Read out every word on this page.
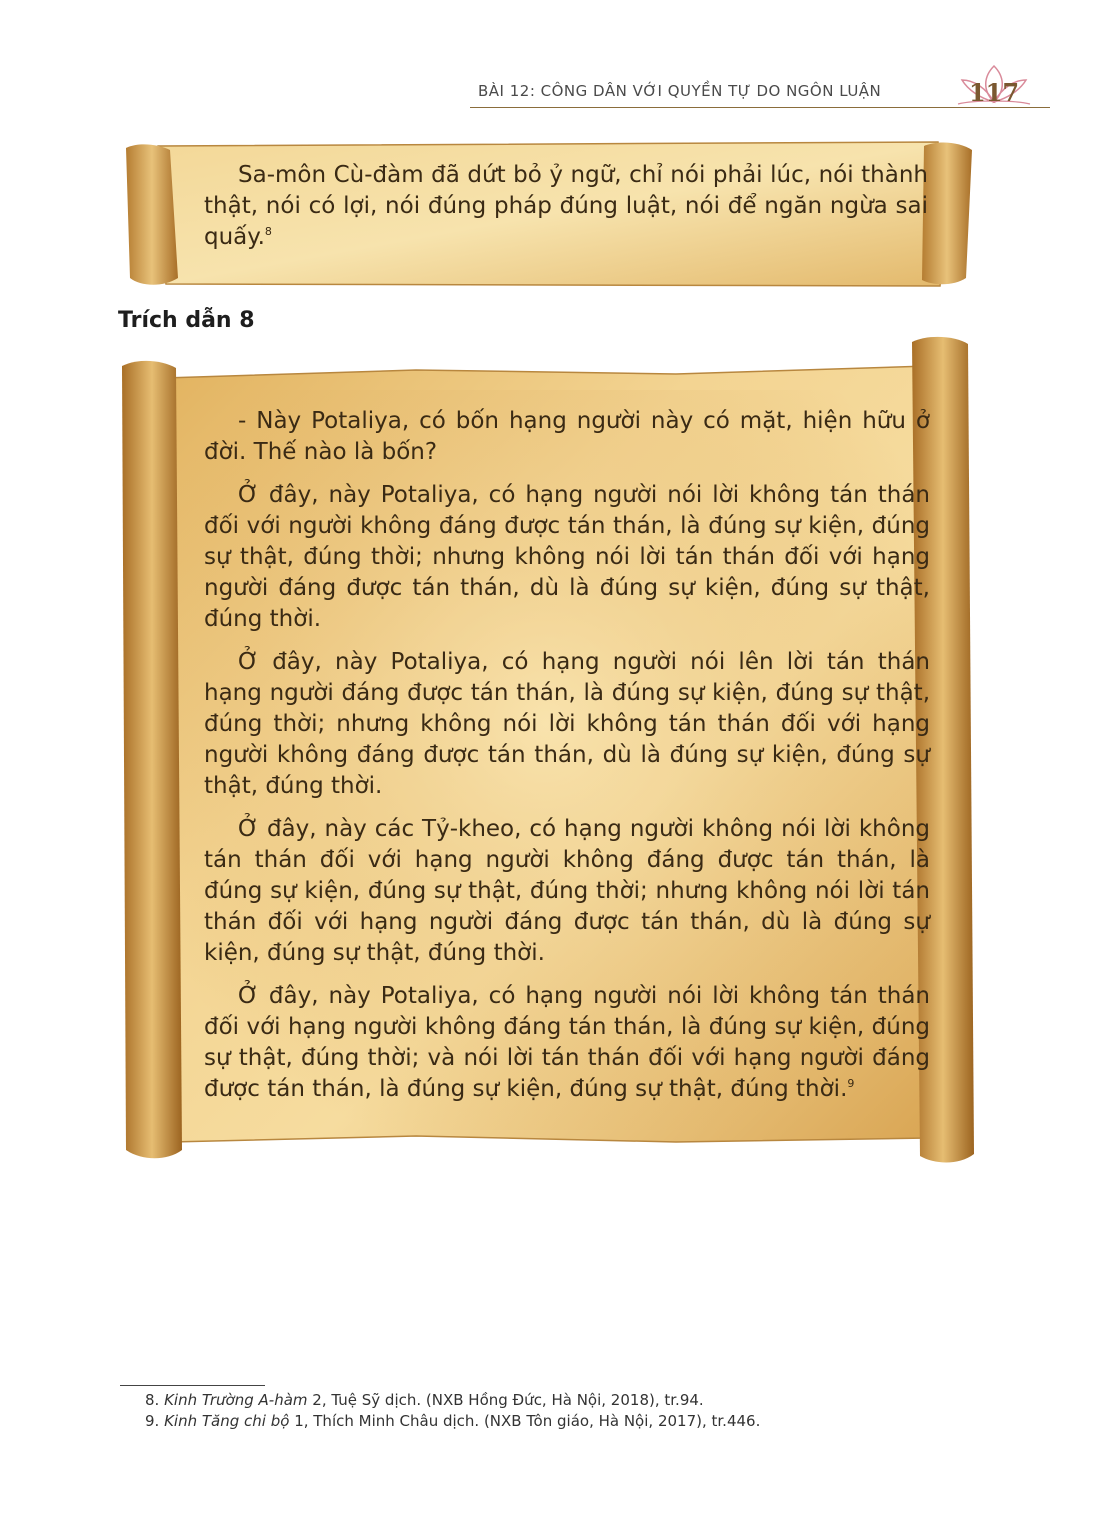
BÀI 12: CÔNG DÂN VỚI QUYỀN TỰ DO NGÔN LUẬN	117

Sa-môn Cù-đàm đã dứt bỏ ỷ ngữ, chỉ nói phải lúc, nói thành thật, nói có lợi, nói đúng pháp đúng luật, nói để ngăn ngừa sai quấy.$^8$

Trích dẫn 8

- Này Potaliya, có bốn hạng người này có mặt, hiện hữu ở đời. Thế nào là bốn?

Ở đây, này Potaliya, có hạng người nói lời không tán thán đối với người không đáng được tán thán, là đúng sự kiện, đúng sự thật, đúng thời; nhưng không nói lời tán thán đối với hạng người đáng được tán thán, dù là đúng sự kiện, đúng sự thật, đúng thời.

Ở đây, này Potaliya, có hạng người nói lên lời tán thán hạng người đáng được tán thán, là đúng sự kiện, đúng sự thật, đúng thời; nhưng không nói lời không tán thán đối với hạng người không đáng được tán thán, dù là đúng sự kiện, đúng sự thật, đúng thời.

Ở đây, này các Tỷ-kheo, có hạng người không nói lời không tán thán đối với hạng người không đáng được tán thán, là đúng sự kiện, đúng sự thật, đúng thời; nhưng không nói lời tán thán đối với hạng người đáng được tán thán, dù là đúng sự kiện, đúng sự thật, đúng thời.

Ở đây, này Potaliya, có hạng người nói lời không tán thán đối với hạng người không đáng tán thán, là đúng sự kiện, đúng sự thật, đúng thời; và nói lời tán thán đối với hạng người đáng được tán thán, là đúng sự kiện, đúng sự thật, đúng thời.$^9$

8. Kinh Trường A-hàm 2, Tuệ Sỹ dịch. (NXB Hồng Đức, Hà Nội, 2018), tr.94.
9. Kinh Tăng chi bộ 1, Thích Minh Châu dịch. (NXB Tôn giáo, Hà Nội, 2017), tr.446.
